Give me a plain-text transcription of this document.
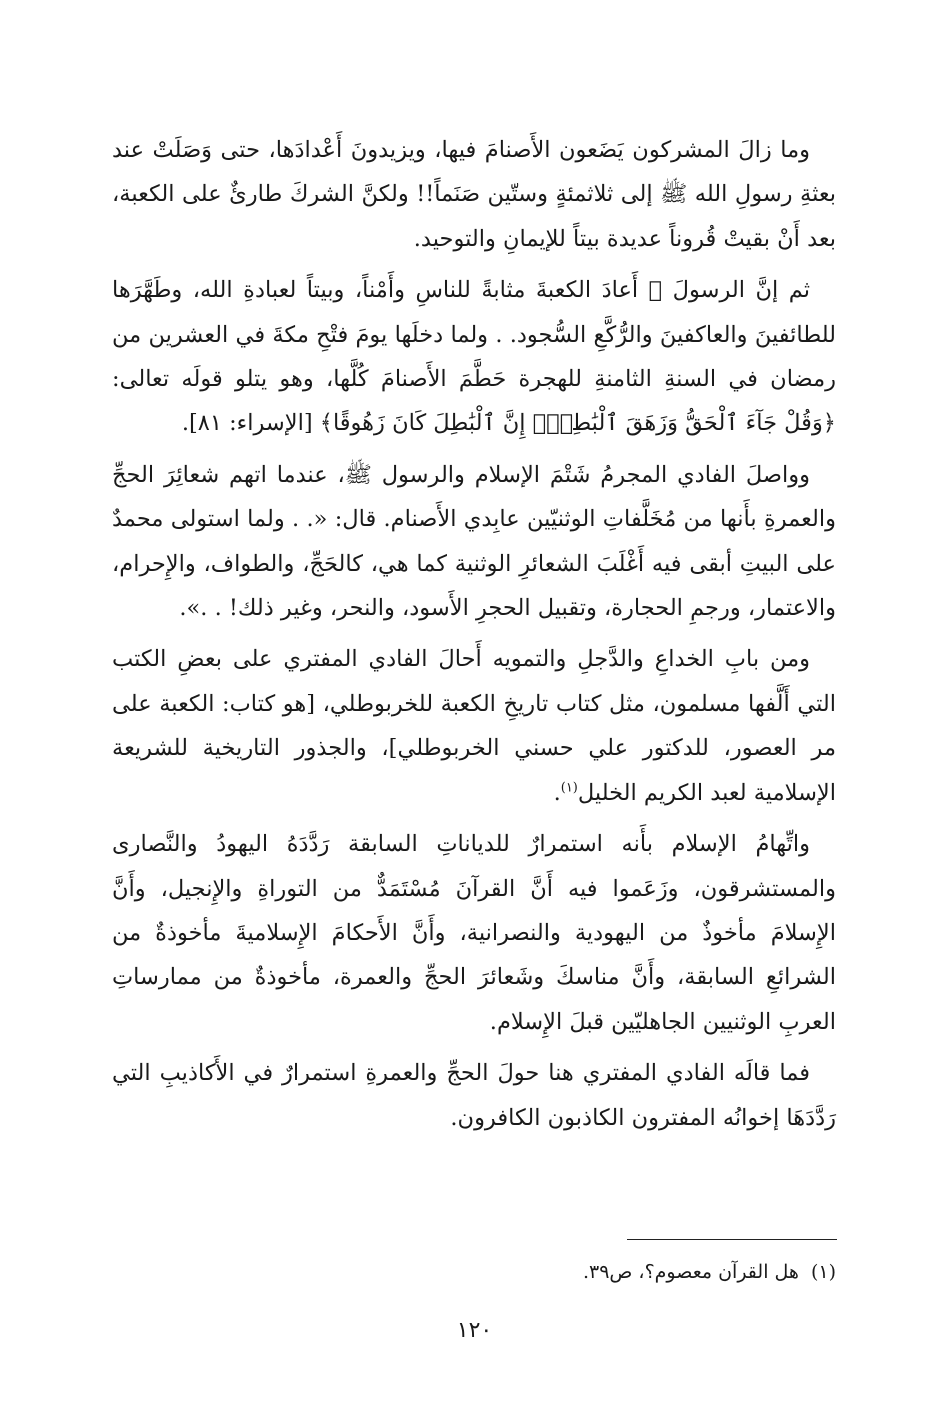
وما زالَ المشركون يَضَعون الأَصنامَ فيها، ويزيدونَ أَعْدادَها، حتى وَصَلَتْ عند بعثةِ رسولِ الله ﷺ إلى ثلاثمئةٍ وستّين صَنَماً!! ولكنَّ الشركَ طارئٌ على الكعبة، بعد أَنْ بقيتْ قُروناً عديدة بيتاً للإيمانِ والتوحيد.

ثم إنَّ الرسولَ ﷺ أَعادَ الكعبةَ مثابةً للناسِ وأَمْناً، وبيتاً لعبادةِ الله، وطَهَّرَها للطائفينَ والعاكفينَ والرُّكَّعِ السُّجود. . ولما دخلَها يومَ فتْحِ مكةَ في العشرين من رمضان في السنةِ الثامنةِ للهجرة حَطَّمَ الأَصنامَ كُلَّها، وهو يتلو قولَه تعالى: ﴿وَقُلْ جَآءَ ٱلْحَقُّ وَزَهَقَ ٱلْبَٰطِلُۚ إِنَّ ٱلْبَٰطِلَ كَانَ زَهُوقًا﴾ [الإسراء: ٨١].

وواصلَ الفادي المجرمُ شَتْمَ الإسلام والرسول ﷺ، عندما اتهم شعائِرَ الحجِّ والعمرةِ بأَنها من مُخَلَّفاتِ الوثنيّين عابِدي الأَصنام. قال: «. . ولما استولى محمدٌ على البيتِ أبقى فيه أَغْلَبَ الشعائرِ الوثنية كما هي، كالحَجِّ، والطواف، والإِحرام، والاعتمار، ورجمِ الحجارة، وتقبيل الحجرِ الأَسود، والنحر، وغير ذلك! . .».

ومن بابِ الخداعِ والدَّجلِ والتمويه أَحالَ الفادي المفتري على بعضِ الكتب التي أَلَّفها مسلمون، مثل كتاب تاريخِ الكعبة للخربوطلي، [هو كتاب: الكعبة على مر العصور، للدكتور علي حسني الخربوطلي]، والجذور التاريخية للشريعة الإسلامية لعبد الكريم الخليل$^{(١)}$.

واتِّهامُ الإسلام بأَنه استمرارٌ للدياناتِ السابقة رَدَّدَهُ اليهودُ والنَّصارى والمستشرقون، وزَعَموا فيه أَنَّ القرآنَ مُسْتَمَدٌّ من التوراةِ والإِنجيل، وأَنَّ الإِسلامَ مأخوذٌ من اليهودية والنصرانية، وأَنَّ الأَحكامَ الإِسلاميةَ مأخوذةٌ من الشرائعِ السابقة، وأَنَّ مناسكَ وشَعائرَ الحجِّ والعمرة، مأخوذةٌ من ممارساتِ العربِ الوثنيين الجاهليّين قبلَ الإِسلام.

فما قالَه الفادي المفتري هنا حولَ الحجِّ والعمرةِ استمرارٌ في الأَكاذيبِ التي رَدَّدَهَا إخوانُه المفترون الكاذبون الكافرون.

(١)هل القرآن معصوم؟، ص٣٩.
١٢٠
